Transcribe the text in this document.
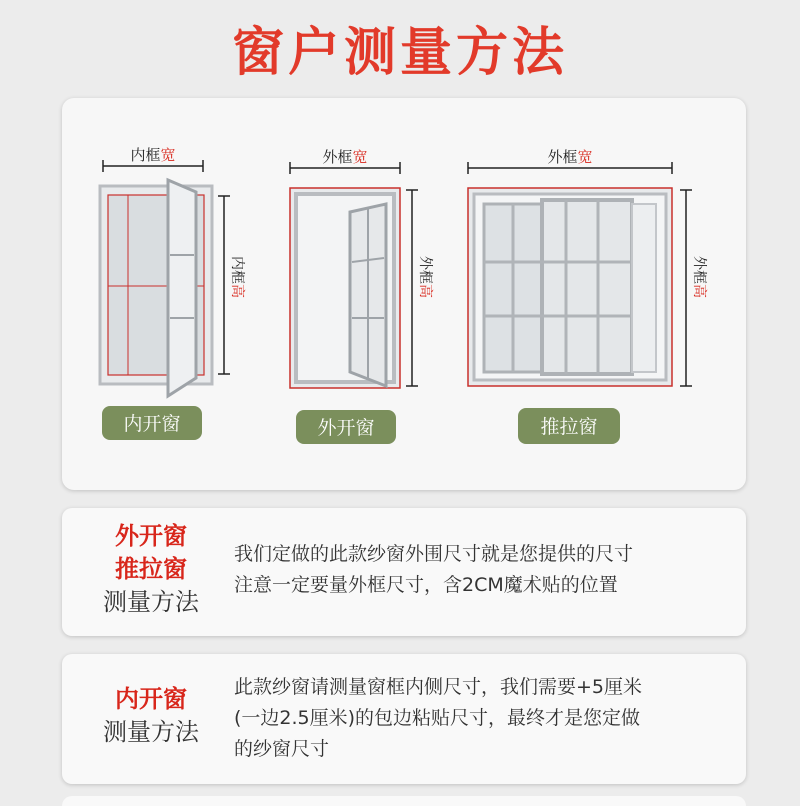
窗户测量方法
内框宽
内框高
内开窗
外框宽
外框高
外开窗
外框宽
外框高
推拉窗
外开窗
推拉窗
测量方法
我们定做的此款纱窗外围尺寸就是您提供的尺寸
注意一定要量外框尺寸，含2CM魔术贴的位置
内开窗
测量方法
此款纱窗请测量窗框内侧尺寸，我们需要+5厘米
(一边2.5厘米)的包边粘贴尺寸，最终才是您定做
的纱窗尺寸
